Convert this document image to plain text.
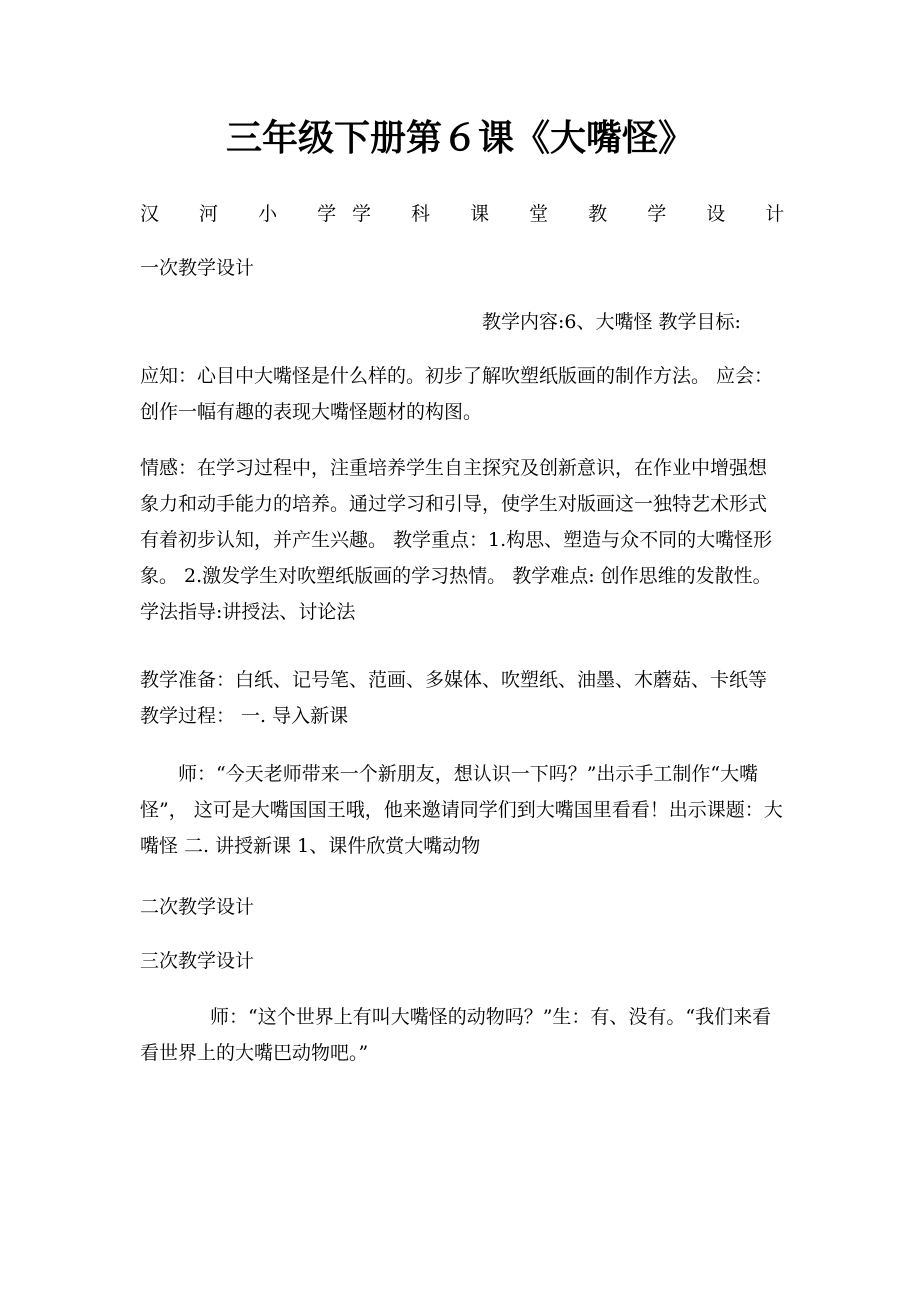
三年级下册第６课《大嘴怪》
汉 河 小 学
学 科 课 堂 教 学 设 计
一次教学设计
教学内容:6、大嘴怪 教学目标:
应知：心目中大嘴怪是什么样的。初步了解吹塑纸版画的制作方法。 应会：创作一幅有趣的表现大嘴怪题材的构图。
情感：在学习过程中，注重培养学生自主探究及创新意识，在作业中增强想象力和动手能力的培养。通过学习和引导，使学生对版画这一独特艺术形式有着初步认知，并产生兴趣。 教学重点：1.构思、塑造与众不同的大嘴怪形象。 2.激发学生对吹塑纸版画的学习热情。 教学难点: 创作思维的发散性。 学法指导:讲授法、讨论法
教学准备：白纸、记号笔、范画、多媒体、吹塑纸、油墨、木蘑菇、卡纸等 教学过程： 一. 导入新课
师：“今天老师带来一个新朋友，想认识一下吗？”出示手工制作“大嘴怪”， 这可是大嘴国国王哦，他来邀请同学们到大嘴国里看看！出示课题：大嘴怪 二. 讲授新课 1、课件欣赏大嘴动物
二次教学设计
三次教学设计
师：“这个世界上有叫大嘴怪的动物吗？”生：有、没有。“我们来看看世界上的大嘴巴动物吧。”
